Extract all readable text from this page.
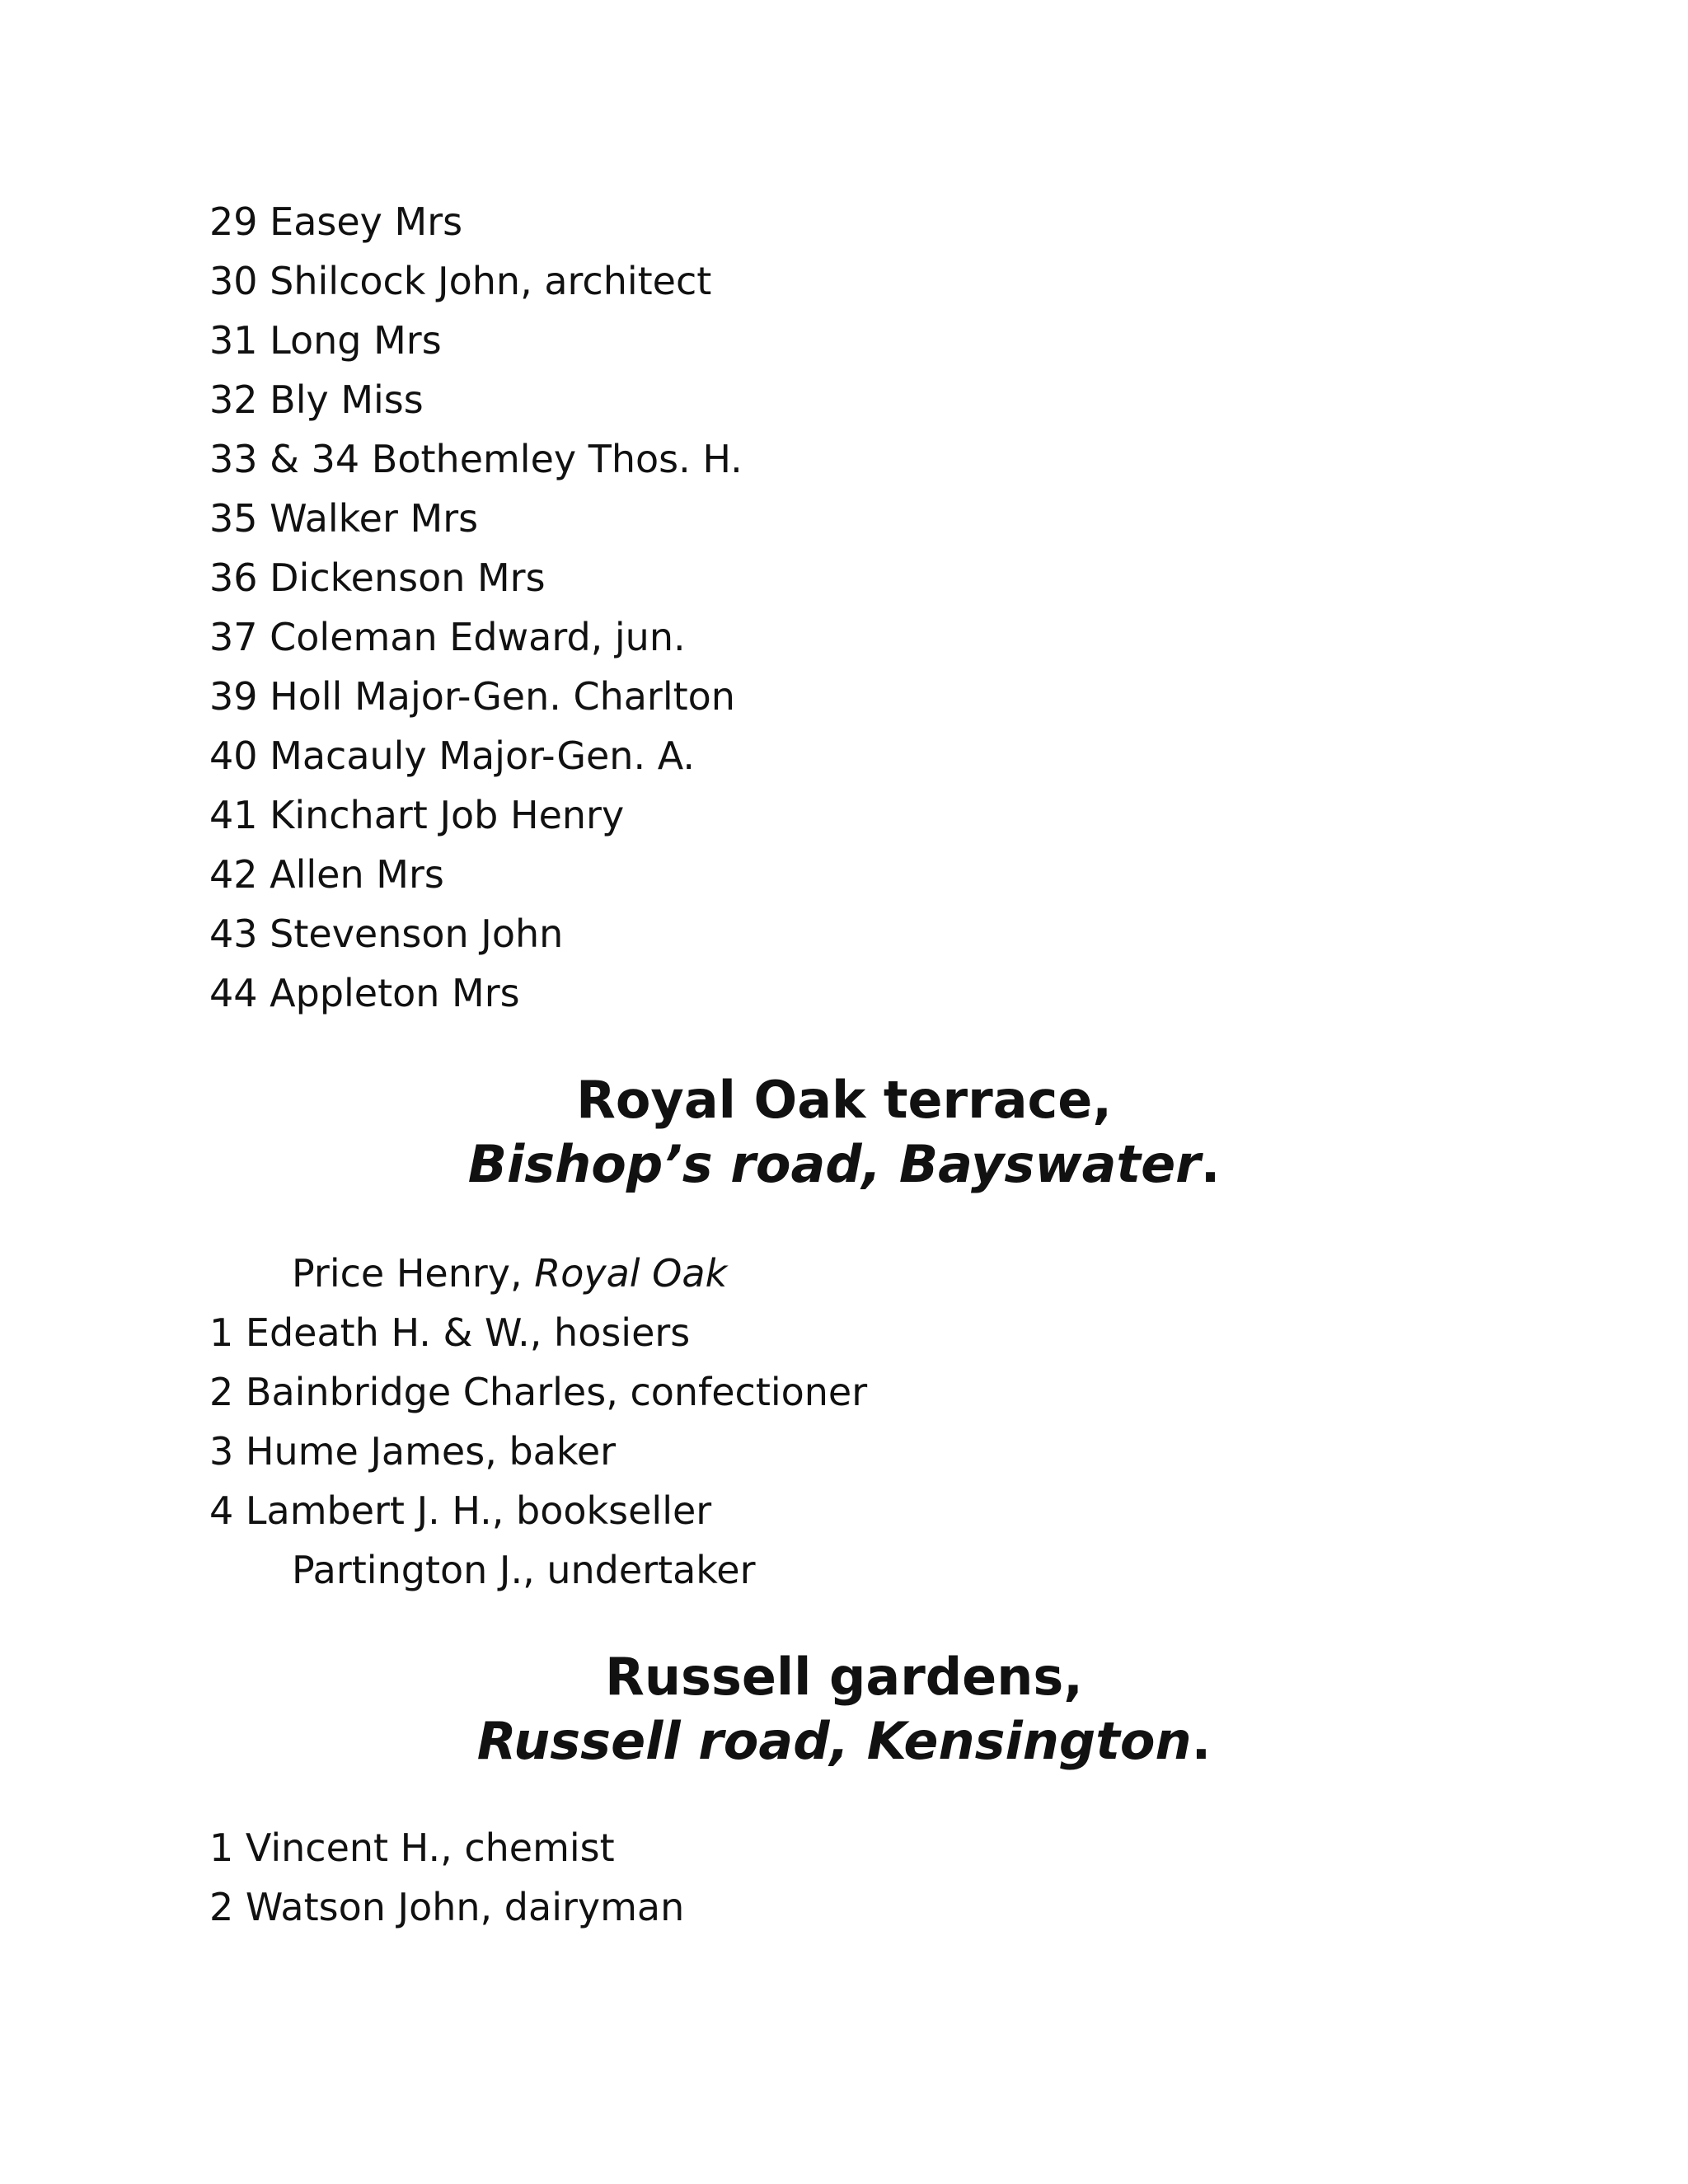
29 Easey Mrs
30 Shilcock John, architect
31 Long Mrs
32 Bly Miss
33 & 34 Bothemley Thos. H.
35 Walker Mrs
36 Dickenson Mrs
37 Coleman Edward, jun.
39 Holl Major-Gen. Charlton
40 Macauly Major-Gen. A.
41 Kinchart Job Henry
42 Allen Mrs
43 Stevenson John
44 Appleton Mrs
Royal Oak terrace,
Bishop’s road, Bayswater.
Price Henry, Royal Oak
1 Edeath H. & W., hosiers
2 Bainbridge Charles, confectioner
3 Hume James, baker
4 Lambert J. H., bookseller
Partington J., undertaker
Russell gardens,
Russell road, Kensington.
1 Vincent H., chemist
2 Watson John, dairyman
